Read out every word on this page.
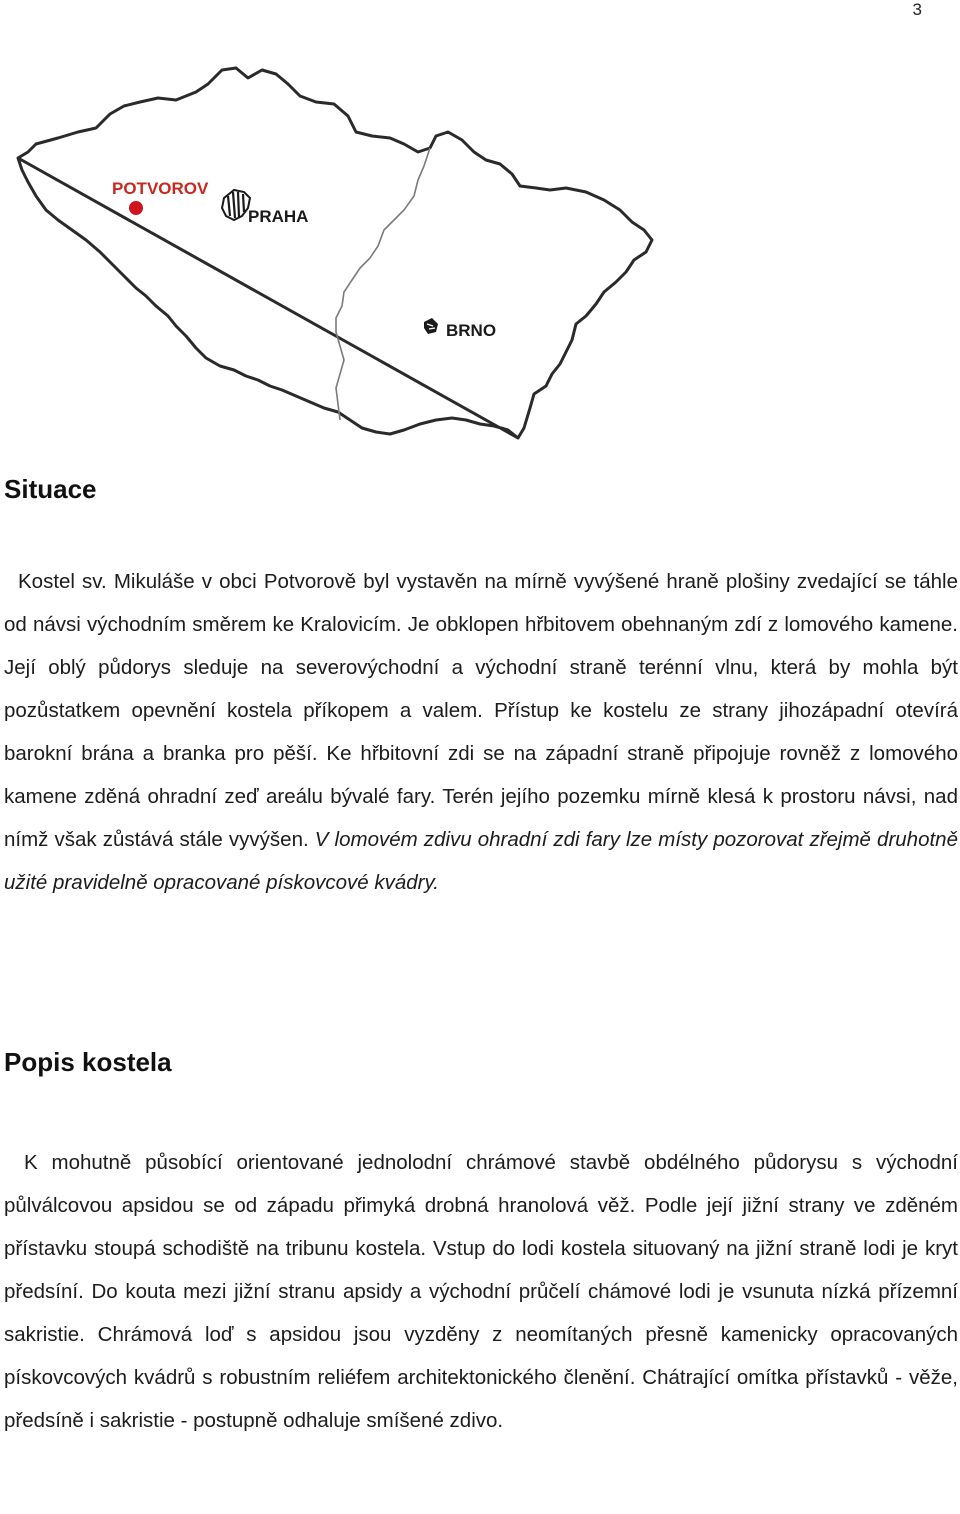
3
POTVOROV
PRAHA
BRNO
Situace

Kostel sv. Mikuláše v obci Potvorově byl vystavěn na mírně vyvýšené hraně plošiny zvedající se táhle od návsi východním směrem ke Kralovicím. Je obklopen hřbitovem obehnaným zdí z lomového kamene. Její oblý půdorys sleduje na severovýchodní a východní straně terénní vlnu, která by mohla být pozůstatkem opevnění kostela příkopem a valem. Přístup ke kostelu ze strany jihozápadní otevírá barokní brána a branka pro pěší. Ke hřbitovní zdi se na západní straně připojuje rovněž z lomového kamene zděná ohradní zeď areálu bývalé fary. Terén jejího pozemku mírně klesá k prostoru návsi, nad nímž však zůstává stále vyvýšen. V lomovém zdivu ohradní zdi fary lze místy pozorovat zřejmě druhotně užité pravidelně opracované pískovcové kvádry.

Popis kostela

K mohutně působící orientované jednolodní chrámové stavbě obdélného půdorysu s východní půlválcovou apsidou se od západu přimyká drobná hranolová věž. Podle její jižní strany ve zděném přístavku stoupá schodiště na tribunu kostela. Vstup do lodi kostela situovaný na jižní straně lodi je kryt předsíní. Do kouta mezi jižní stranu apsidy a východní průčelí chámové lodi je vsunuta nízká přízemní sakristie. Chrámová loď s apsidou jsou vyzděny z neomítaných přesně kamenicky opracovaných pískovcových kvádrů s robustním reliéfem architektonického členění. Chátrající omítka přístavků - věže, předsíně i sakristie - postupně odhaluje smíšené zdivo.
